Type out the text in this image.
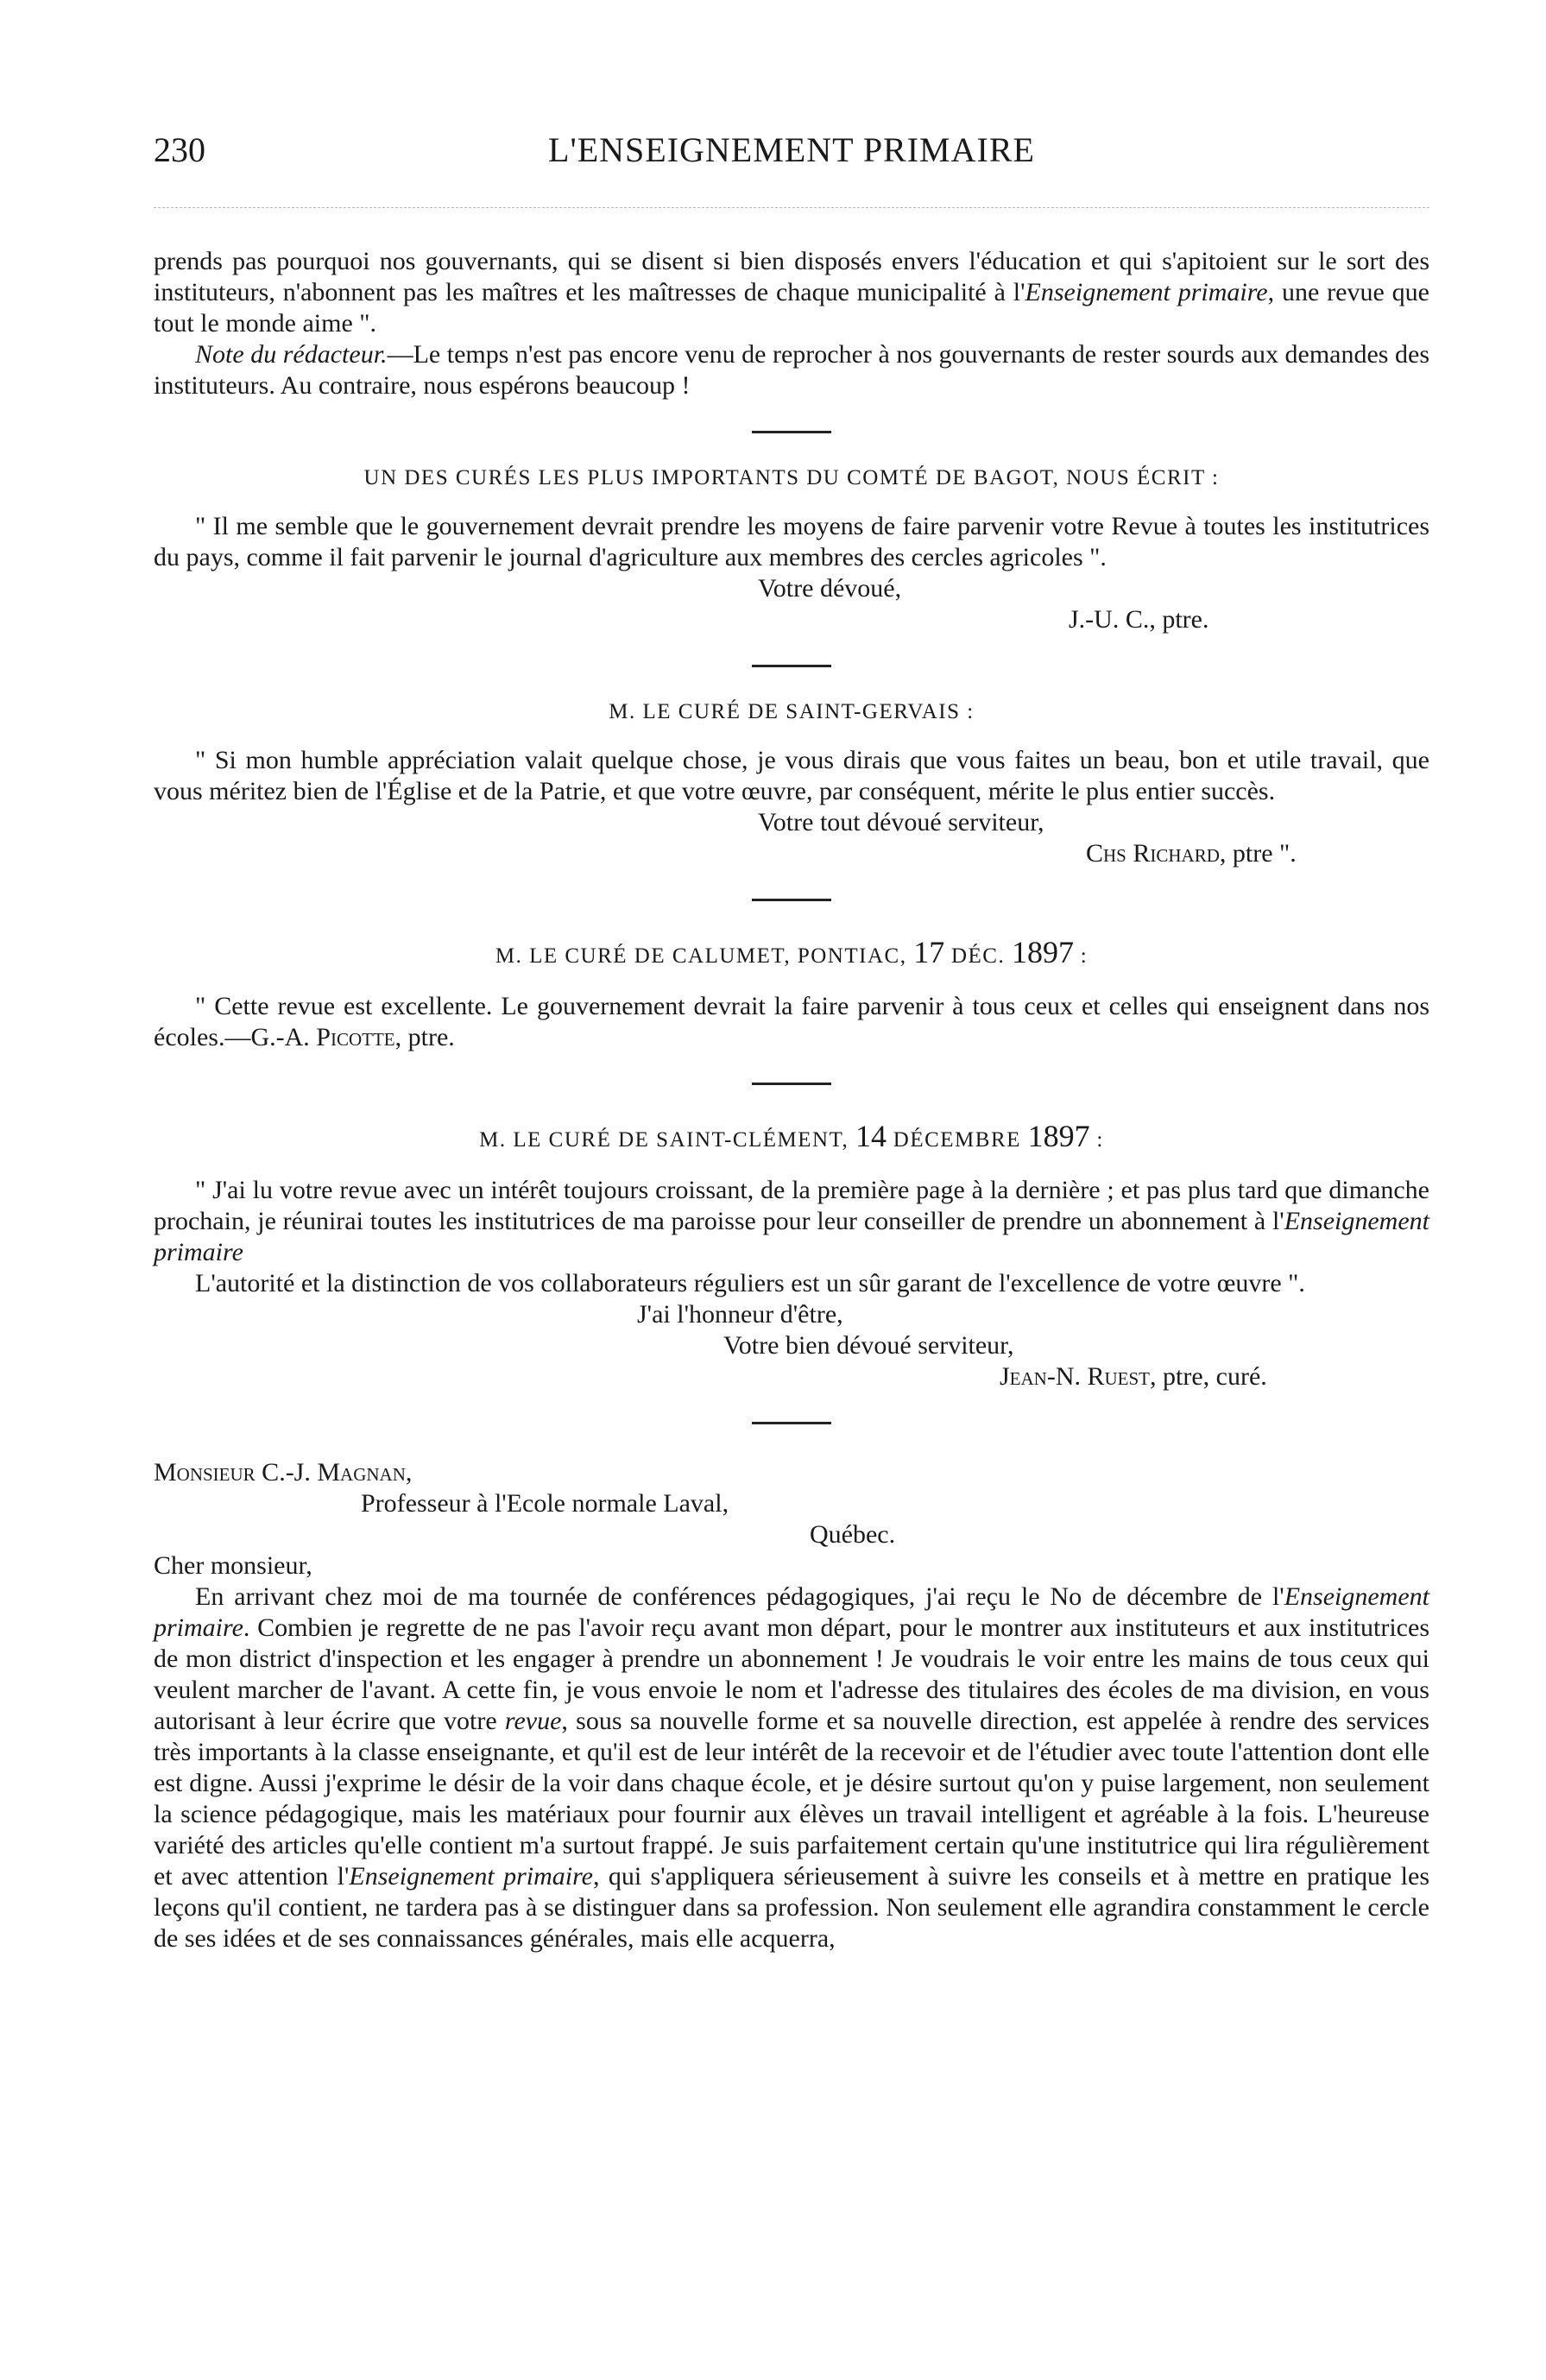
230	L'ENSEIGNEMENT PRIMAIRE

prends pas pourquoi nos gouvernants, qui se disent si bien disposés envers l'éducation et qui s'apitoient sur le sort des instituteurs, n'abonnent pas les maîtres et les maîtresses de chaque municipalité à l'Enseignement primaire, une revue que tout le monde aime ".

Note du rédacteur.—Le temps n'est pas encore venu de reprocher à nos gouvernants de rester sourds aux demandes des instituteurs. Au contraire, nous espérons beaucoup !

UN DES CURÉS LES PLUS IMPORTANTS DU COMTÉ DE BAGOT, NOUS ÉCRIT :

" Il me semble que le gouvernement devrait prendre les moyens de faire parvenir votre Revue à toutes les institutrices du pays, comme il fait parvenir le journal d'agriculture aux membres des cercles agricoles ".

Votre dévoué,

J.-U. C., ptre.

M. LE CURÉ DE SAINT-GERVAIS :

" Si mon humble appréciation valait quelque chose, je vous dirais que vous faites un beau, bon et utile travail, que vous méritez bien de l'Église et de la Patrie, et que votre œuvre, par conséquent, mérite le plus entier succès.

Votre tout dévoué serviteur,

Chs Richard, ptre ".

M. LE CURÉ DE CALUMET, PONTIAC, 17 DÉC. 1897 :

" Cette revue est excellente. Le gouvernement devrait la faire parvenir à tous ceux et celles qui enseignent dans nos écoles.—G.-A. Picotte, ptre.

M. LE CURÉ DE SAINT-CLÉMENT, 14 DÉCEMBRE 1897 :

" J'ai lu votre revue avec un intérêt toujours croissant, de la première page à la dernière ; et pas plus tard que dimanche prochain, je réunirai toutes les institutrices de ma paroisse pour leur conseiller de prendre un abonnement à l'Enseignement primaire

L'autorité et la distinction de vos collaborateurs réguliers est un sûr garant de l'excellence de votre œuvre ".

J'ai l'honneur d'être,

Votre bien dévoué serviteur,

Jean-N. Ruest, ptre, curé.

Monsieur C.-J. Magnan,

Professeur à l'Ecole normale Laval,

Québec.

Cher monsieur,

En arrivant chez moi de ma tournée de conférences pédagogiques, j'ai reçu le No de décembre de l'Enseignement primaire. Combien je regrette de ne pas l'avoir reçu avant mon départ, pour le montrer aux instituteurs et aux institutrices de mon district d'inspection et les engager à prendre un abonnement ! Je voudrais le voir entre les mains de tous ceux qui veulent marcher de l'avant. A cette fin, je vous envoie le nom et l'adresse des titulaires des écoles de ma division, en vous autorisant à leur écrire que votre revue, sous sa nouvelle forme et sa nouvelle direction, est appelée à rendre des services très importants à la classe enseignante, et qu'il est de leur intérêt de la recevoir et de l'étudier avec toute l'attention dont elle est digne. Aussi j'exprime le désir de la voir dans chaque école, et je désire surtout qu'on y puise largement, non seulement la science pédagogique, mais les matériaux pour fournir aux élèves un travail intelligent et agréable à la fois. L'heureuse variété des articles qu'elle contient m'a surtout frappé. Je suis parfaitement certain qu'une institutrice qui lira régulièrement et avec attention l'Enseignement primaire, qui s'appliquera sérieusement à suivre les conseils et à mettre en pratique les leçons qu'il contient, ne tardera pas à se distinguer dans sa profession. Non seulement elle agrandira constamment le cercle de ses idées et de ses connaissances générales, mais elle acquerra,
